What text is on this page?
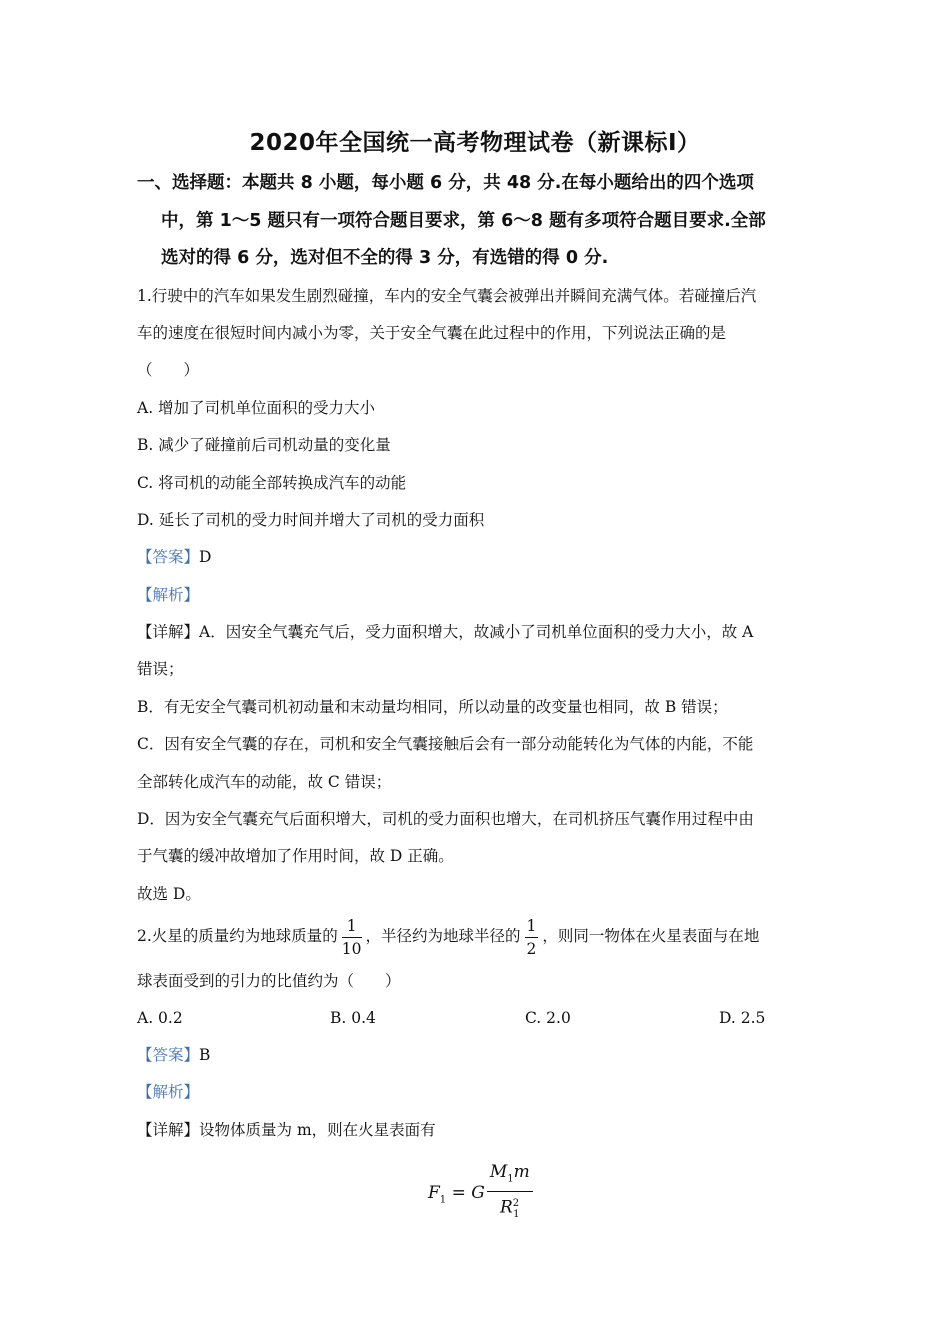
2020年全国统一高考物理试卷（新课标Ⅰ）
一、选择题：本题共 8 小题，每小题 6 分，共 48 分.在每小题给出的四个选项
中，第 1～5 题只有一项符合题目要求，第 6～8 题有多项符合题目要求.全部
选对的得 6 分，选对但不全的得 3 分，有选错的得 0 分.
1.行驶中的汽车如果发生剧烈碰撞，车内的安全气囊会被弹出并瞬间充满气体。若碰撞后汽
车的速度在很短时间内减小为零，关于安全气囊在此过程中的作用，下列说法正确的是
（　　）
A. 增加了司机单位面积的受力大小
B. 减少了碰撞前后司机动量的变化量
C. 将司机的动能全部转换成汽车的动能
D. 延长了司机的受力时间并增大了司机的受力面积
【答案】D
【解析】
【详解】A．因安全气囊充气后，受力面积增大，故减小了司机单位面积的受力大小，故 A
错误；
B．有无安全气囊司机初动量和末动量均相同，所以动量的改变量也相同，故 B 错误；
C．因有安全气囊的存在，司机和安全气囊接触后会有一部分动能转化为气体的内能，不能
全部转化成汽车的动能，故 C 错误；
D．因为安全气囊充气后面积增大，司机的受力面积也增大，在司机挤压气囊作用过程中由
于气囊的缓冲故增加了作用时间，故 D 正确。
故选 D。
2.火星的质量约为地球质量的 $\frac{1}{10}$ ，半径约为地球半径的 $\frac{1}{2}$ ，则同一物体在火星表面与在地
球表面受到的引力的比值约为（　　）
A. 0.2	B. 0.4	C. 2.0	D. 2.5
【答案】B
【解析】
【详解】设物体质量为 m，则在火星表面有
$F_1 = G \frac{M_1m}{R^2_1}$
